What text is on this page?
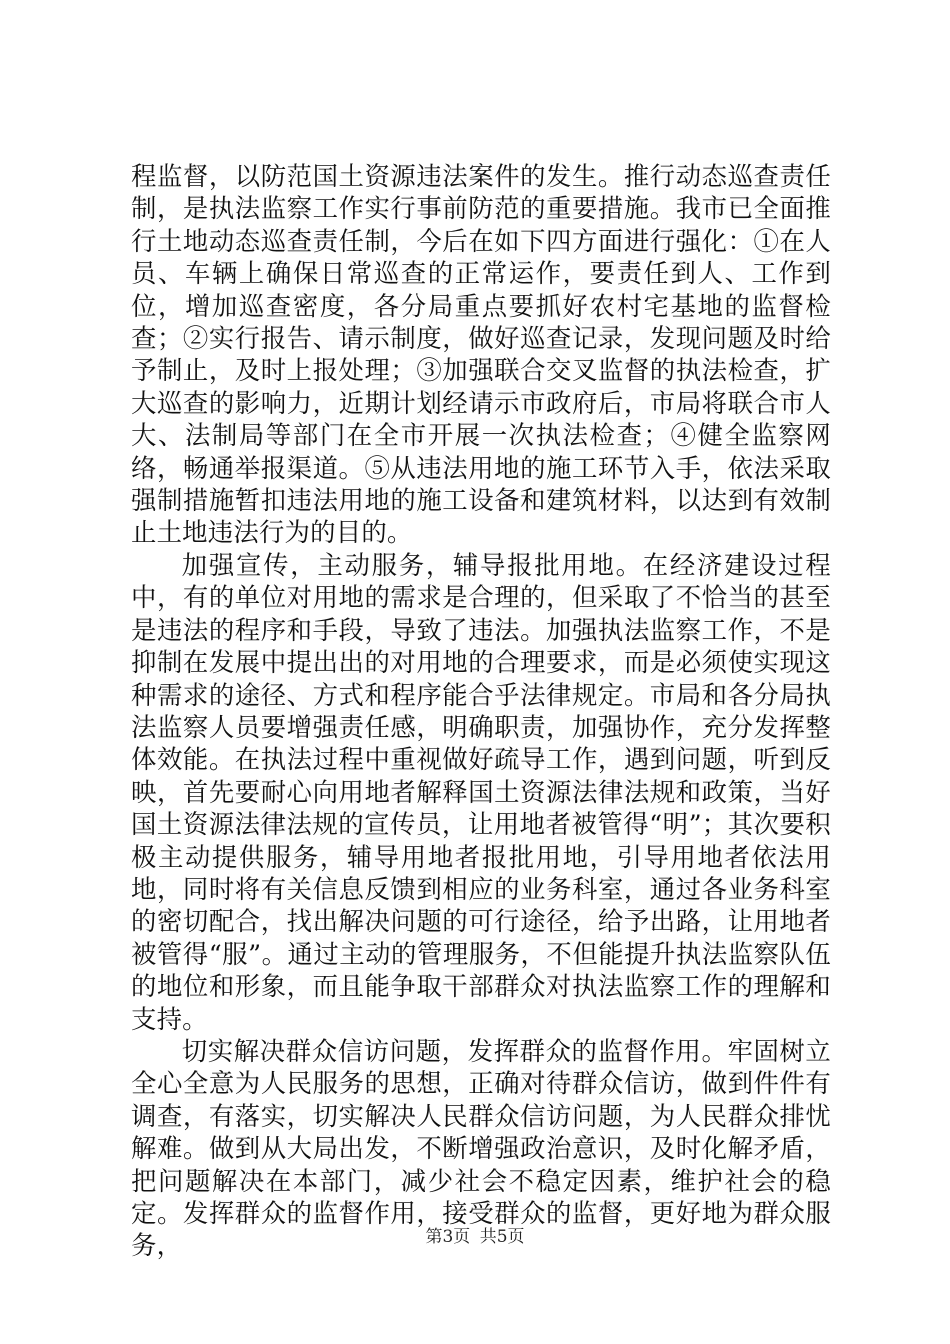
程监督，以防范国土资源违法案件的发生。推行动态巡查责任制，是执法监察工作实行事前防范的重要措施。我市已全面推行土地动态巡查责任制，今后在如下四方面进行强化：①在人员、车辆上确保日常巡查的正常运作，要责任到人、工作到位，增加巡查密度，各分局重点要抓好农村宅基地的监督检查；②实行报告、请示制度，做好巡查记录，发现问题及时给予制止，及时上报处理；③加强联合交叉监督的执法检查，扩大巡查的影响力，近期计划经请示市政府后，市局将联合市人大、法制局等部门在全市开展一次执法检查；④健全监察网络，畅通举报渠道。⑤从违法用地的施工环节入手，依法采取强制措施暂扣违法用地的施工设备和建筑材料，以达到有效制止土地违法行为的目的。

加强宣传，主动服务，辅导报批用地。在经济建设过程中，有的单位对用地的需求是合理的，但采取了不恰当的甚至是违法的程序和手段，导致了违法。加强执法监察工作，不是抑制在发展中提出出的对用地的合理要求，而是必须使实现这种需求的途径、方式和程序能合乎法律规定。市局和各分局执法监察人员要增强责任感，明确职责，加强协作，充分发挥整体效能。在执法过程中重视做好疏导工作，遇到问题，听到反映，首先要耐心向用地者解释国土资源法律法规和政策，当好国土资源法律法规的宣传员，让用地者被管得“明”；其次要积极主动提供服务，辅导用地者报批用地，引导用地者依法用地，同时将有关信息反馈到相应的业务科室，通过各业务科室的密切配合，找出解决问题的可行途径，给予出路，让用地者被管得“服”。通过主动的管理服务，不但能提升执法监察队伍的地位和形象，而且能争取干部群众对执法监察工作的理解和支持。

切实解决群众信访问题，发挥群众的监督作用。牢固树立全心全意为人民服务的思想，正确对待群众信访，做到件件有调查，有落实，切实解决人民群众信访问题，为人民群众排忧解难。做到从大局出发，不断增强政治意识，及时化解矛盾，把问题解决在本部门，减少社会不稳定因素，维护社会的稳定。发挥群众的监督作用，接受群众的监督，更好地为群众服务，	第3页 共5页
